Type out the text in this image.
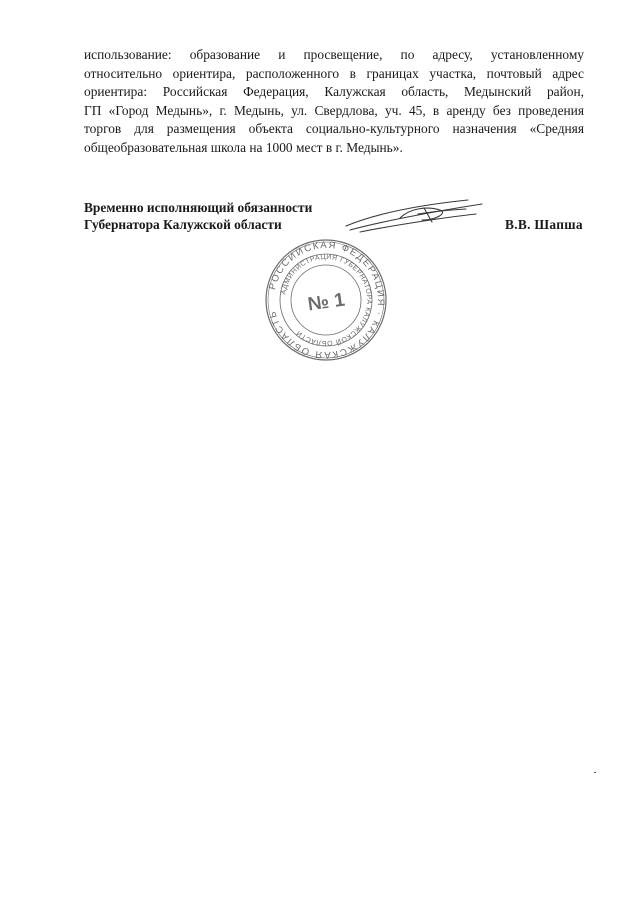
использование: образование и просвещение, по адресу, установленному
относительно ориентира, расположенного в границах участка, почтовый адрес
ориентира: Российская Федерация, Калужская область, Медынский район,
ГП «Город Медынь», г. Медынь, ул. Свердлова, уч. 45, в аренду без проведения
торгов для размещения объекта социально-культурного назначения «Средняя
общеобразовательная школа на 1000 мест в г. Медынь».
Временно исполняющий обязанности
Губернатора Калужской области	В.В. Шапша
РОССИЙСКАЯ ФЕДЕРАЦИЯ · КАЛУЖСКАЯ ОБЛАСТЬ
АДМИНИСТРАЦИЯ ГУБЕРНАТОРА КАЛУЖСКОЙ ОБЛАСТИ
№ 1
